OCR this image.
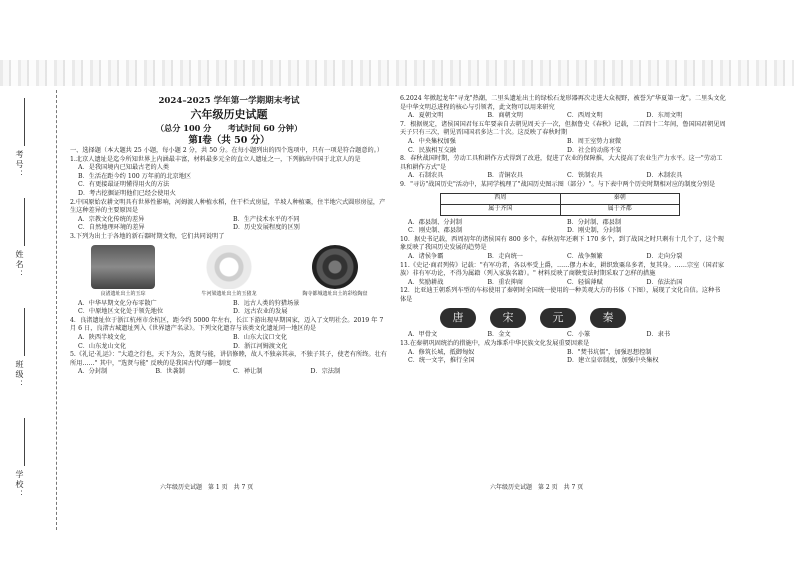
考号：
姓名：
班级：
学校：
2024–2025 学年第一学期期末考试
六年级历史试题
（总分 100 分　　考试时间 60 分钟）
第Ⅰ卷（共 50 分）

一、选择题（本大题共 25 小题，每小题 2 分，共 50 分。在每小题列出的四个选项中，只有一项是符合题意的。）

1.北京人遗址是迄今所知世界上内涵最丰富，材料最多元全的直立人遗址之一，下列搞出中国于北京人的是

A．是我国境内已知最古老的人类
B．生活在距今约 100 万年前的北京地区
C．有更接最证明懂得用火的方法
D．考古挖掘证明他们已经会使用火

2.中国原始农耕文明具有世界性影响，河姆渡人种植水稻，住干栏式房屋，半坡人种植粟，住半地穴式圆形房屋，产生这种差异的主要原因是

A．宗教文化传统的差异	B．生产技术水平的不同
C．自然地理环境的差异	D．历史发展程度的区别

3.下列为出土于各地的新石器时期文物，它们共同说明了

良渚遗址出土的玉琮	牛河梁遗址出土的玉猪龙	陶寺都城遗址出土的彩绘陶盘
A．中华早期文化分布零散广	B．远古人类的狩猎场景
C．中原地区文化处于领先地位	D．远古农业的发展

4．良渚遗址位于浙江杭州市余杭区，距今约 5000 年左右，长江下游出现早期国家，迈入了文明社会。2019 年 7 月 6 日，良渚古城遗址列入《世界遗产名录》。下列文化遗存与该类文化遗址同一地区的是

A．陕西半坡文化	B．山东大汶口文化
C．山东龙山文化	D．浙江河姆渡文化

5.《礼记·礼运》："大道之行也，天下为公，选贤与能，讲信修睦，故人不独亲其亲，不独子其子，使老有所终。壮有所用……" 其中，"选贤与能" 反映的是我国古代的哪一制度

A．分封制	B．世袭制	C．禅让制	D．宗法制
六年级历史试题　第 1 页　共 7 页

6.2024 年掀起龙年"寻龙"热潮，二里头遗址出土的绿松石龙形器再次走进大众视野，被誉为"华夏第一龙"。二里头文化是中华文明总进程的核心与引领者，此文物可以用来研究

A．夏朝文明	B．商朝文明	C．西周文明	D．东周文明

7．根据规定，诸侯国国君每五年要亲自去朝见周天子一次，但据鲁史《春秋》记载，二百四十二年间，鲁国国君朝见周天子只有三次，朝见晋国国君多达二十次。这反映了春秋时期

A．中央集权加强	B．周王室势力衰微
C．民族相互交融	D．社会的动荡不安

8．春秋战国时期，劳动工具和耕作方式得到了改进，促进了农业的保障推，大大提高了农业生产力水平。这一"劳动工具和耕作方式"是

A．石制农具	B．青铜农具	C．铁制农具	D．木制农具

9．"寻访"战国历史"活动中，某同学梳理了"战国历史图示图（部分）"。与下表中两个历史时期相对应的制度分别是

西周	秦朝
属于齐国	属于齐都
A．郡县制、分封制	B．分封制、郡县制
C．刚史制、郡县制	D．刚史制，分封制

10．据史书记载，西周初年的诸侯国有 800 多个，春秋初年还剩下 170 多个，到了战国之时只剩有十几个了，这个现象反映了我国历史发展的趋势是

A．诸侯争霸	B．走向统一	C．战争频繁	D．走向分裂

11.《史记·商君列传》记载："有军功者，各以率受上爵，……僇力本业，耕织致粟帛多者，复其身。……宗室（国君家族）非有军功论，不得为属籍（列入家族名籍）。" 材料反映了商鞅变法时期采取了怎样的措施

A．奖励耕战	B．重农抑商	C．轻徭薄赋	D．依法治国

12．比亚迪王朝系列车型的车标使用了秦朝时全国统一使用的一种美观大方的书体（下图），展现了文化自信。这种书体是

唐	宋	元	秦
A．甲骨文	B．金文	C．小篆	D．隶书

13.在秦朝巩固统治的措施中，成为维系中华民族文化发展重要因素是

A．修筑长城，抵御匈奴	B．"焚书坑儒"，加强思想控制
C．统一文字，推行全国	D．建立皇帝制度，加强中央集权
六年级历史试题　第 2 页　共 7 页
